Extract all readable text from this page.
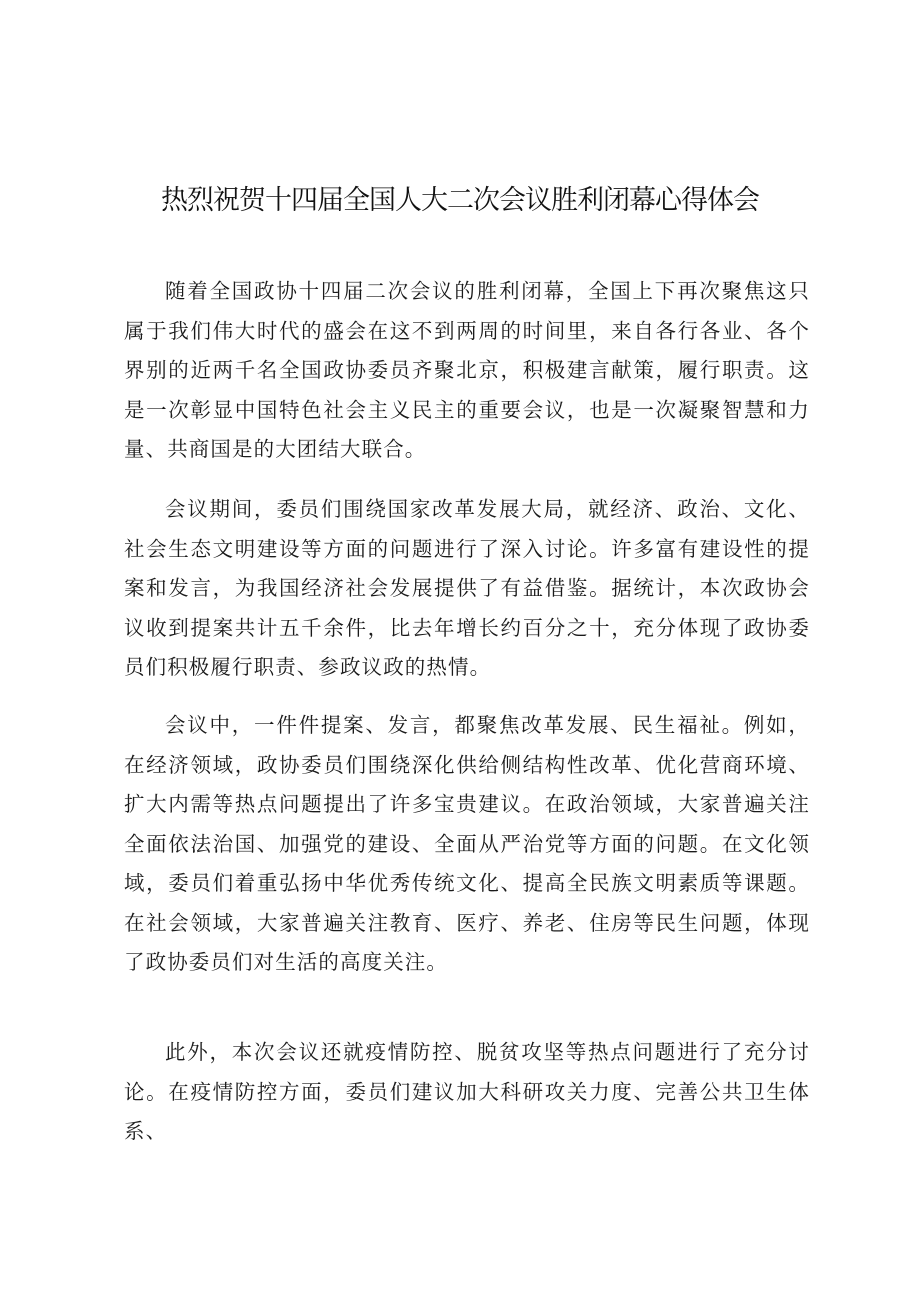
热烈祝贺十四届全国人大二次会议胜利闭幕心得体会

随着全国政协十四届二次会议的胜利闭幕，全国上下再次聚焦这只属于我们伟大时代的盛会在这不到两周的时间里，来自各行各业、各个界别的近两千名全国政协委员齐聚北京，积极建言献策，履行职责。这是一次彰显中国特色社会主义民主的重要会议，也是一次凝聚智慧和力量、共商国是的大团结大联合。

会议期间，委员们围绕国家改革发展大局，就经济、政治、文化、社会生态文明建设等方面的问题进行了深入讨论。许多富有建设性的提案和发言，为我国经济社会发展提供了有益借鉴。据统计，本次政协会议收到提案共计五千余件，比去年增长约百分之十，充分体现了政协委员们积极履行职责、参政议政的热情。

会议中，一件件提案、发言，都聚焦改革发展、民生福祉。例如，在经济领域，政协委员们围绕深化供给侧结构性改革、优化营商环境、扩大内需等热点问题提出了许多宝贵建议。在政治领域，大家普遍关注全面依法治国、加强党的建设、全面从严治党等方面的问题。在文化领域，委员们着重弘扬中华优秀传统文化、提高全民族文明素质等课题。在社会领域，大家普遍关注教育、医疗、养老、住房等民生问题，体现了政协委员们对生活的高度关注。

此外，本次会议还就疫情防控、脱贫攻坚等热点问题进行了充分讨论。在疫情防控方面，委员们建议加大科研攻关力度、完善公共卫生体系、
